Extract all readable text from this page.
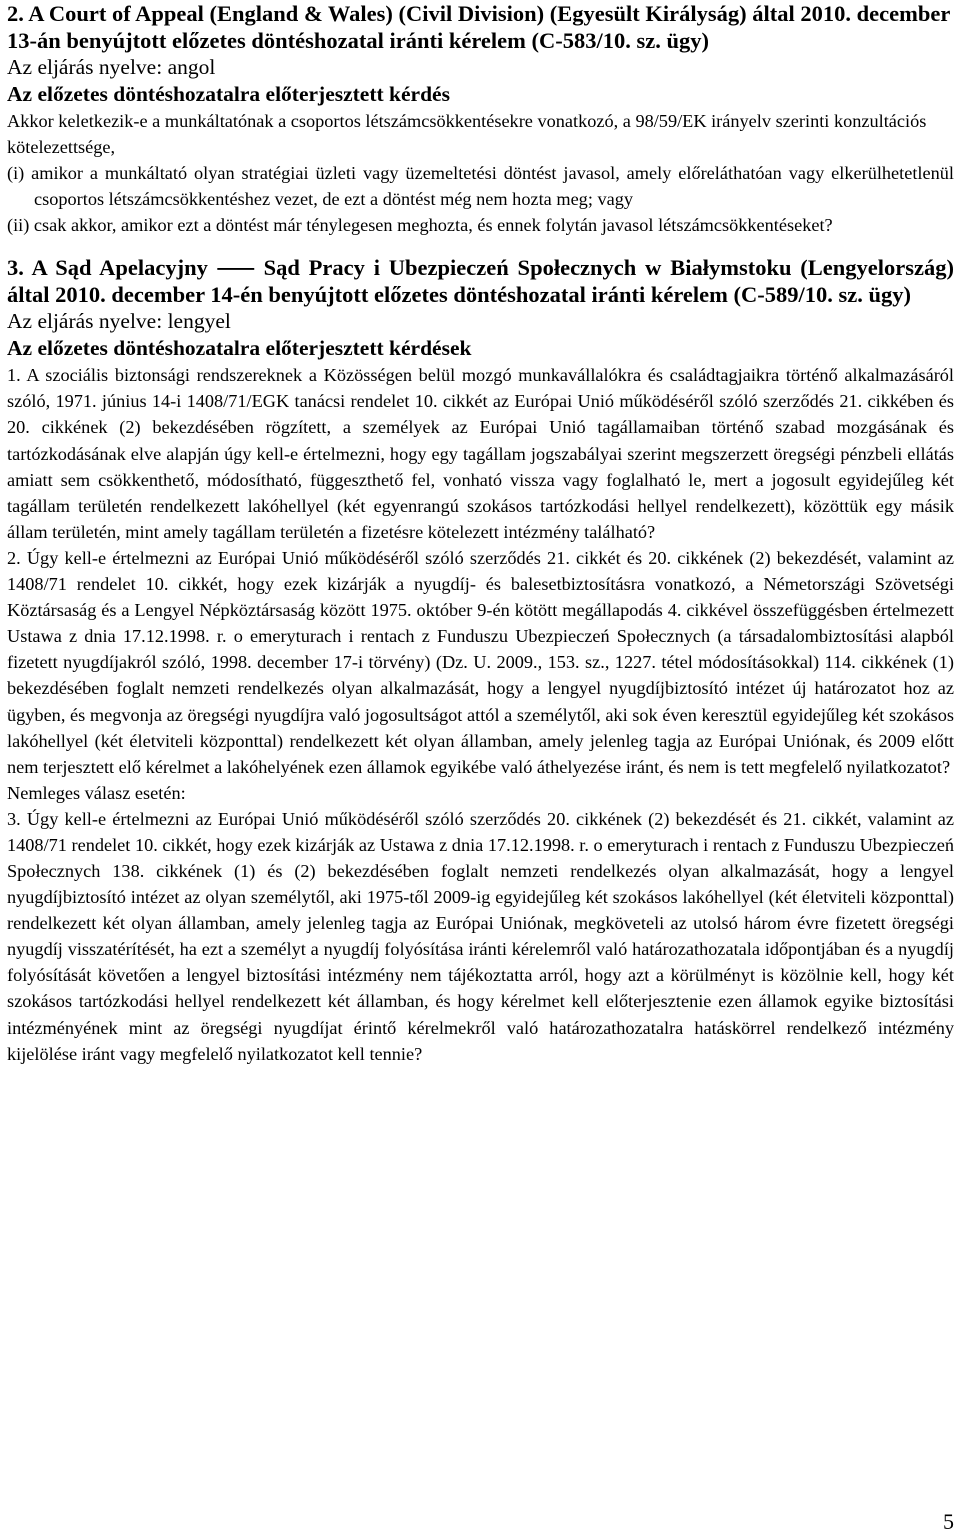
2. A Court of Appeal (England & Wales) (Civil Division) (Egyesült Királyság) által 2010. december 13-án benyújtott előzetes döntéshozatal iránti kérelem (C-583/10. sz. ügy)

Az eljárás nyelve: angol

Az előzetes döntéshozatalra előterjesztett kérdés

Akkor keletkezik-e a munkáltatónak a csoportos létszámcsökkentésekre vonatkozó, a 98/59/EK irányelv szerinti konzultációs kötelezettsége,

(i) amikor a munkáltató olyan stratégiai üzleti vagy üzemeltetési döntést javasol, amely előreláthatóan vagy elkerülhetetlenül csoportos létszámcsökkentéshez vezet, de ezt a döntést még nem hozta meg; vagy

(ii) csak akkor, amikor ezt a döntést már ténylegesen meghozta, és ennek folytán javasol létszámcsökkentéseket?

3. A Sąd Apelacyjny ⸺ Sąd Pracy i Ubezpieczeń Społecznych w Białymstoku (Lengyelország) által 2010. december 14-én benyújtott előzetes döntéshozatal iránti kérelem (C-589/10. sz. ügy)

Az eljárás nyelve: lengyel

Az előzetes döntéshozatalra előterjesztett kérdések

1. A szociális biztonsági rendszereknek a Közösségen belül mozgó munkavállalókra és családtagjaikra történő alkalmazásáról szóló, 1971. június 14-i 1408/71/EGK tanácsi rendelet 10. cikkét az Európai Unió működéséről szóló szerződés 21. cikkében és 20. cikkének (2) bekezdésében rögzített, a személyek az Európai Unió tagállamaiban történő szabad mozgásának és tartózkodásának elve alapján úgy kell-e értelmezni, hogy egy tagállam jogszabályai szerint megszerzett öregségi pénzbeli ellátás amiatt sem csökkenthető, módosítható, függeszthető fel, vonható vissza vagy foglalható le, mert a jogosult egyidejűleg két tagállam területén rendelkezett lakóhellyel (két egyenrangú szokásos tartózkodási hellyel rendelkezett), közöttük egy másik állam területén, mint amely tagállam területén a fizetésre kötelezett intézmény található?

2. Úgy kell-e értelmezni az Európai Unió működéséről szóló szerződés 21. cikkét és 20. cikkének (2) bekezdését, valamint az 1408/71 rendelet 10. cikkét, hogy ezek kizárják a nyugdíj- és balesetbiztosításra vonatkozó, a Németországi Szövetségi Köztársaság és a Lengyel Népköztársaság között 1975. október 9-én kötött megállapodás 4. cikkével összefüggésben értelmezett Ustawa z dnia 17.12.1998. r. o emeryturach i rentach z Funduszu Ubezpieczeń Społecznych (a társadalombiztosítási alapból fizetett nyugdíjakról szóló, 1998. december 17-i törvény) (Dz. U. 2009., 153. sz., 1227. tétel módosításokkal) 114. cikkének (1) bekezdésében foglalt nemzeti rendelkezés olyan alkalmazását, hogy a lengyel nyugdíjbiztosító intézet új határozatot hoz az ügyben, és megvonja az öregségi nyugdíjra való jogosultságot attól a személytől, aki sok éven keresztül egyidejűleg két szokásos lakóhellyel (két életviteli központtal) rendelkezett két olyan államban, amely jelenleg tagja az Európai Uniónak, és 2009 előtt nem terjesztett elő kérelmet a lakóhelyének ezen államok egyikébe való áthelyezése iránt, és nem is tett megfelelő nyilatkozatot?

Nemleges válasz esetén:

3. Úgy kell-e értelmezni az Európai Unió működéséről szóló szerződés 20. cikkének (2) bekezdését és 21. cikkét, valamint az 1408/71 rendelet 10. cikkét, hogy ezek kizárják az Ustawa z dnia 17.12.1998. r. o emeryturach i rentach z Funduszu Ubezpieczeń Społecznych 138. cikkének (1) és (2) bekezdésében foglalt nemzeti rendelkezés olyan alkalmazását, hogy a lengyel nyugdíjbiztosító intézet az olyan személytől, aki 1975-től 2009-ig egyidejűleg két szokásos lakóhellyel (két életviteli központtal) rendelkezett két olyan államban, amely jelenleg tagja az Európai Uniónak, megköveteli az utolsó három évre fizetett öregségi nyugdíj visszatérítését, ha ezt a személyt a nyugdíj folyósítása iránti kérelemről való határozathozatala időpontjában és a nyugdíj folyósítását követően a lengyel biztosítási intézmény nem tájékoztatta arról, hogy azt a körülményt is közölnie kell, hogy két szokásos tartózkodási hellyel rendelkezett két államban, és hogy kérelmet kell előterjesztenie ezen államok egyike biztosítási intézményének mint az öregségi nyugdíjat érintő kérelmekről való határozathozatalra hatáskörrel rendelkező intézmény kijelölése iránt vagy megfelelő nyilatkozatot kell tennie?

5
